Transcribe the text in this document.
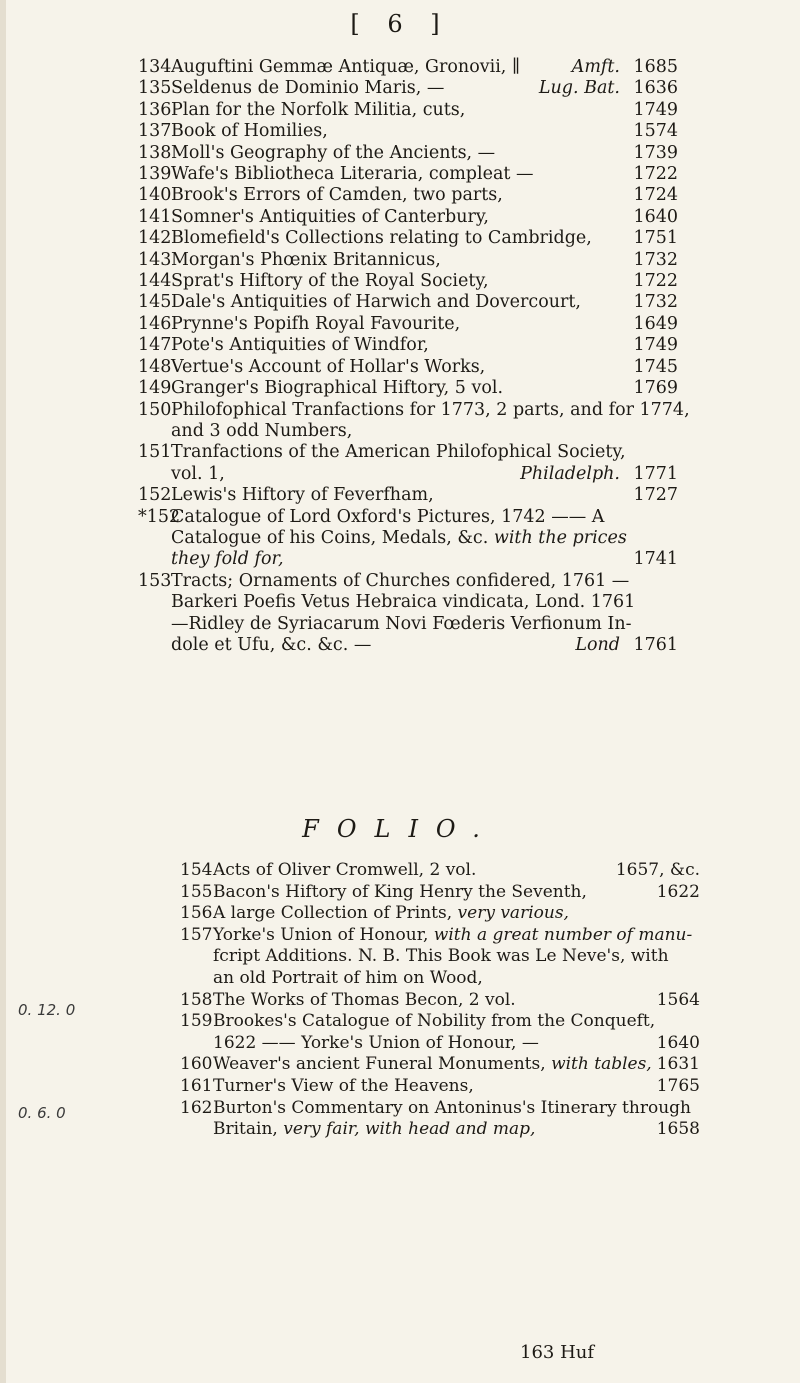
[ 6 ]
134 Auguftini Gemmæ Antiquæ, Gronovii, ∥	Amft. 1685
135 Seldenus de Dominio Maris, —	Lug. Bat. 1636
136 Plan for the Norfolk Militia, cuts,	1749
137 Book of Homilies,	1574
138 Moll's Geography of the Ancients, —	1739
139 Wafe's Bibliotheca Literaria, compleat —	1722
140 Brook's Errors of Camden, two parts,	1724
141 Somner's Antiquities of Canterbury,	1640
142 Blomefield's Collections relating to Cambridge, 1751
143 Morgan's Phœnix Britannicus,	1732
144 Sprat's Hiftory of the Royal Society,	1722
145 Dale's Antiquities of Harwich and Dovercourt,	1732
146 Prynne's Popifh Royal Favourite,	1649
147 Pote's Antiquities of Windfor,	1749
148 Vertue's Account of Hollar's Works,	1745
149 Granger's Biographical Hiftory, 5 vol.	1769
150 Philofophical Tranfactions for 1773, 2 parts, and for 1774,
and 3 odd Numbers,
151 Tranfactions of the American Philofophical Society,
vol. 1,	Philadelph. 1771
152 Lewis's Hiftory of Feverfham,	1727
*152
Catalogue of Lord Oxford's Pictures, 1742 —— A
Catalogue of his Coins, Medals, &c. with the prices
they fold for,	1741
153 Tracts; Ornaments of Churches confidered, 1761 —
Barkeri Poefis Vetus Hebraica vindicata, Lond. 1761
—Ridley de Syriacarum Novi Fœderis Verfionum In-
dole et Ufu, &c. &c. —	Lond 1761
FOLIO.
154 Acts of Oliver Cromwell, 2 vol.	1657, &c.
155 Bacon's Hiftory of King Henry the Seventh,	1622
156 A large Collection of Prints, very various,
157 Yorke's Union of Honour, with a great number of manu-
fcript Additions. N. B. This Book was Le Neve's, with
an old Portrait of him on Wood,
158 The Works of Thomas Becon, 2 vol.	1564
159 Brookes's Catalogue of Nobility from the Conqueft,
1622 —— Yorke's Union of Honour, —	1640
160 Weaver's ancient Funeral Monuments, with tables, 1631
161 Turner's View of the Heavens,	1765
162 Burton's Commentary on Antoninus's Itinerary through
Britain, very fair, with head and map,	1658
0. 12. 0
0. 6. 0
163 Huf
